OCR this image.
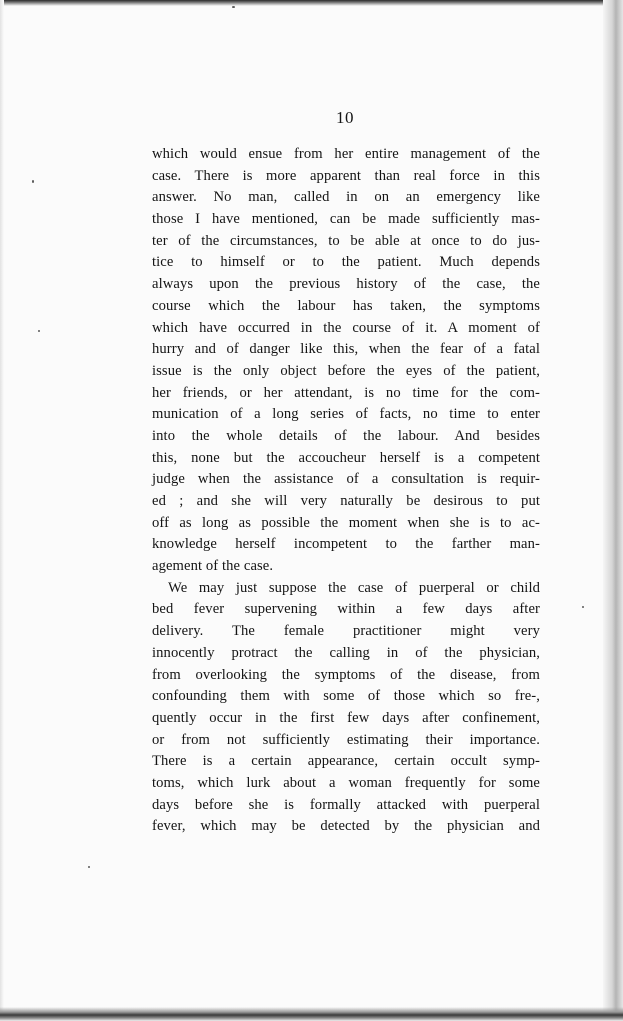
10
which would ensue from her entire management of the
case. There is more apparent than real force in this
answer. No man, called in on an emergency like
those I have mentioned, can be made sufficiently mas-
ter of the circumstances, to be able at once to do jus-
tice to himself or to the patient. Much depends
always upon the previous history of the case, the
course which the labour has taken, the symptoms
which have occurred in the course of it. A moment of
hurry and of danger like this, when the fear of a fatal
issue is the only object before the eyes of the patient,
her friends, or her attendant, is no time for the com-
munication of a long series of facts, no time to enter
into the whole details of the labour. And besides
this, none but the accoucheur herself is a competent
judge when the assistance of a consultation is requir-
ed ; and she will very naturally be desirous to put
off as long as possible the moment when she is to ac-
knowledge herself incompetent to the farther man-
agement of the case.
We may just suppose the case of puerperal or child
bed fever supervening within a few days after
delivery. The female practitioner might very
innocently protract the calling in of the physician,
from overlooking the symptoms of the disease, from
confounding them with some of those which so fre-,
quently occur in the first few days after confinement,
or from not sufficiently estimating their importance.
There is a certain appearance, certain occult symp-
toms, which lurk about a woman frequently for some
days before she is formally attacked with puerperal
fever, which may be detected by the physician and
